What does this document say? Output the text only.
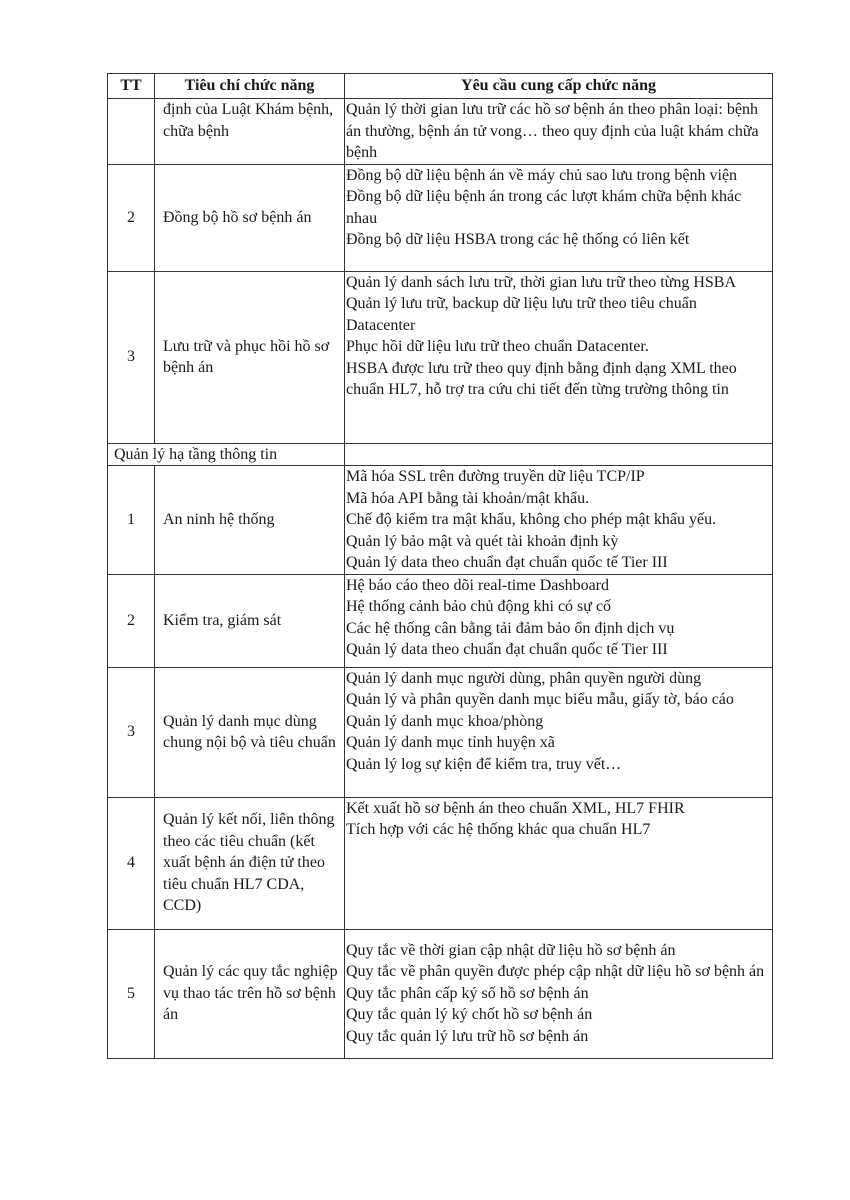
TT	Tiêu chí chức năng	Yêu cầu cung cấp chức năng
	định của Luật Khám bệnh, chữa bệnh	Quản lý thời gian lưu trữ các hồ sơ bệnh án theo phân loại: bệnh án thường, bệnh án tử vong… theo quy định của luật khám chữa bệnh

2	Đồng bộ hồ sơ bệnh án	Đồng bộ dữ liệu bệnh án về máy chủ sao lưu trong bệnh viện
Đồng bộ dữ liệu bệnh án trong các lượt khám chữa bệnh khác nhau
Đồng bộ dữ liệu HSBA trong các hệ thống có liên kết

3	Lưu trữ và phục hồi hồ sơ bệnh án	Quản lý danh sách lưu trữ, thời gian lưu trữ theo từng HSBA
Quản lý lưu trữ, backup dữ liệu lưu trữ theo tiêu chuẩn Datacenter
Phục hồi dữ liệu lưu trữ theo chuẩn Datacenter.
HSBA được lưu trữ theo quy định bằng định dạng XML theo chuẩn HL7, hỗ trợ tra cứu chi tiết đến từng trường thông tin

Quản lý hạ tầng thông tin		
1	An ninh hệ thống	Mã hóa SSL trên đường truyền dữ liệu TCP/IP
Mã hóa API bằng tài khoản/mật khẩu.
Chế độ kiểm tra mật khẩu, không cho phép mật khẩu yếu.
Quản lý bảo mật và quét tài khoản định kỳ
Quản lý data theo chuẩn đạt chuẩn quốc tế Tier III

2	Kiểm tra, giám sát	Hệ báo cáo theo dõi real-time Dashboard
Hệ thống cảnh bảo chủ động khi có sự cố
Các hệ thống cân bằng tải đảm bảo ổn định dịch vụ
Quản lý data theo chuẩn đạt chuẩn quốc tế Tier III

3	Quản lý danh mục dùng chung nội bộ và tiêu chuẩn	Quản lý danh mục người dùng, phân quyền người dùng
Quản lý và phân quyền danh mục biểu mẫu, giấy tờ, báo cáo
Quản lý danh mục khoa/phòng
Quản lý danh mục tỉnh huyện xã
Quản lý log sự kiện để kiểm tra, truy vết…

4	Quản lý kết nối, liên thông theo các tiêu chuẩn (kết xuất bệnh án điện tử theo tiêu chuẩn HL7 CDA, CCD)	Kết xuất hồ sơ bệnh án theo chuẩn XML, HL7 FHIR
Tích hợp với các hệ thống khác qua chuẩn HL7

5	Quản lý các quy tắc nghiệp vụ thao tác trên hồ sơ bệnh án	Quy tắc về thời gian cập nhật dữ liệu hồ sơ bệnh án
Quy tắc về phân quyền được phép cập nhật dữ liệu hồ sơ bệnh án
Quy tắc phân cấp ký số hồ sơ bệnh án
Quy tắc quản lý ký chốt hồ sơ bệnh án
Quy tắc quản lý lưu trữ hồ sơ bệnh án
